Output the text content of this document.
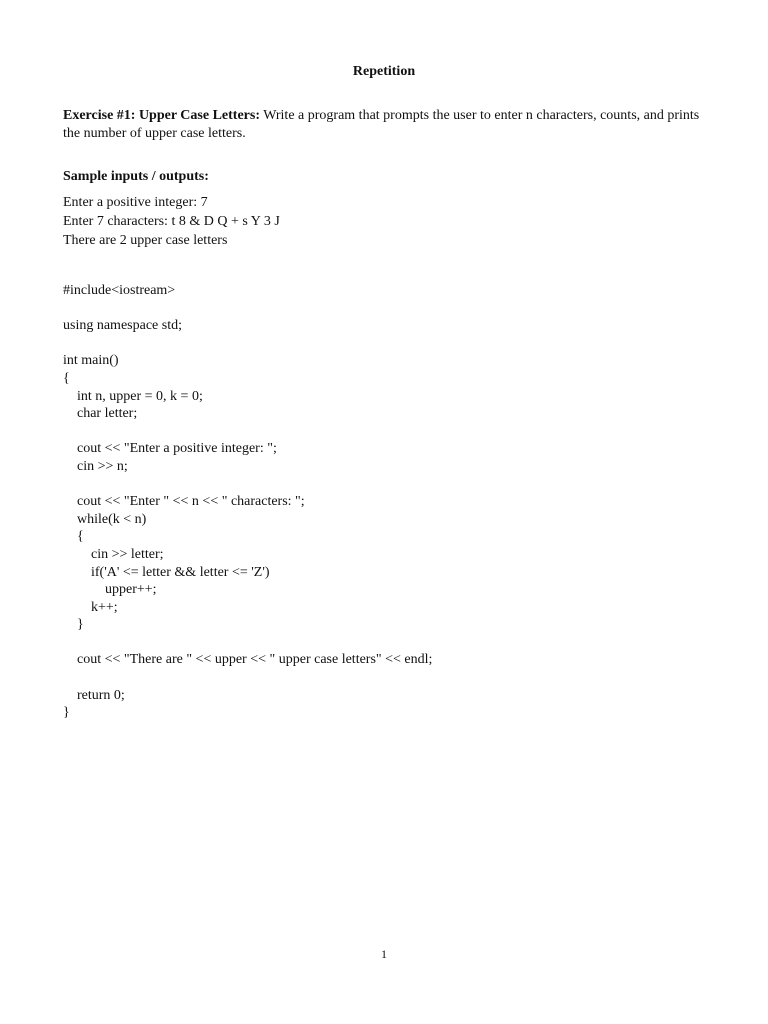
Repetition
Exercise #1: Upper Case Letters: Write a program that prompts the user to enter n characters, counts, and prints the number of upper case letters.
Sample inputs / outputs:
Enter a positive integer: 7
Enter 7 characters: t 8 & D Q + s Y 3 J
There are 2 upper case letters
#include<iostream>
using namespace std;
int main()
{
int n, upper = 0, k = 0;
char letter;
cout << "Enter a positive integer: ";
cin >> n;
cout << "Enter " << n << " characters: ";
while(k < n)
{
cin >> letter;
if('A' <= letter && letter <= 'Z')
upper++;
k++;
}
cout << "There are " << upper << " upper case letters" << endl;
return 0;
}
1
